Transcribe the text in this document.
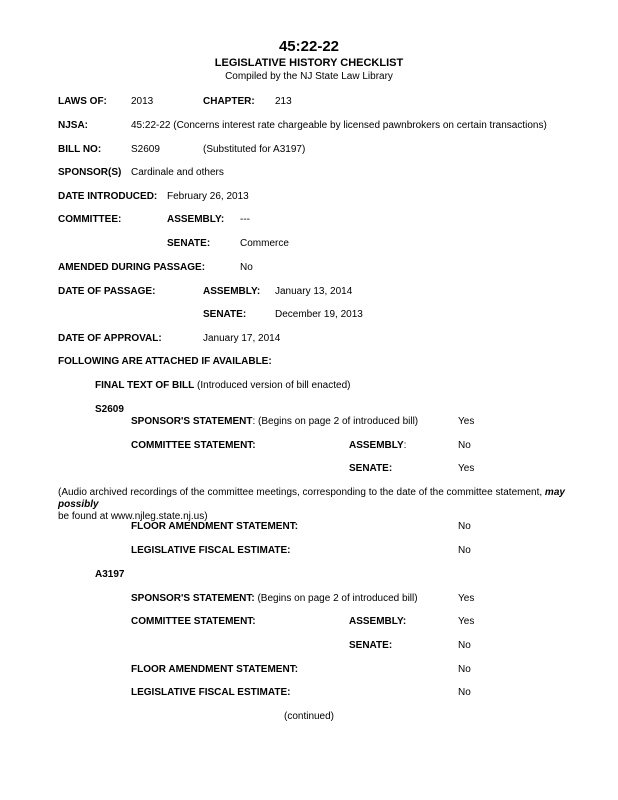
45:22-22
LEGISLATIVE HISTORY CHECKLIST
Compiled by the NJ State Law Library
LAWS OF: 2013	CHAPTER: 213
NJSA:	45:22-22 (Concerns interest rate chargeable by licensed pawnbrokers on certain transactions)
BILL NO:	S2609	(Substituted for A3197)
SPONSOR(S) Cardinale and others
DATE INTRODUCED: February 26, 2013
COMMITTEE:	ASSEMBLY: ---
SENATE:	Commerce
AMENDED DURING PASSAGE:	No
DATE OF PASSAGE:	ASSEMBLY: January 13, 2014
SENATE:	December 19, 2013
DATE OF APPROVAL:	January 17, 2014
FOLLOWING ARE ATTACHED IF AVAILABLE:
FINAL TEXT OF BILL (Introduced version of bill enacted)
S2609
SPONSOR'S STATEMENT: (Begins on page 2 of introduced bill)	Yes
COMMITTEE STATEMENT:	ASSEMBLY:	No
SENATE:	Yes
(Audio archived recordings of the committee meetings, corresponding to the date of the committee statement, may possibly
be found at www.njleg.state.nj.us)
FLOOR AMENDMENT STATEMENT:	No
LEGISLATIVE FISCAL ESTIMATE:	No
A3197
SPONSOR'S STATEMENT: (Begins on page 2 of introduced bill)	Yes
COMMITTEE STATEMENT:	ASSEMBLY:	Yes
SENATE:	No
FLOOR AMENDMENT STATEMENT:	No
LEGISLATIVE FISCAL ESTIMATE:	No
(continued)
